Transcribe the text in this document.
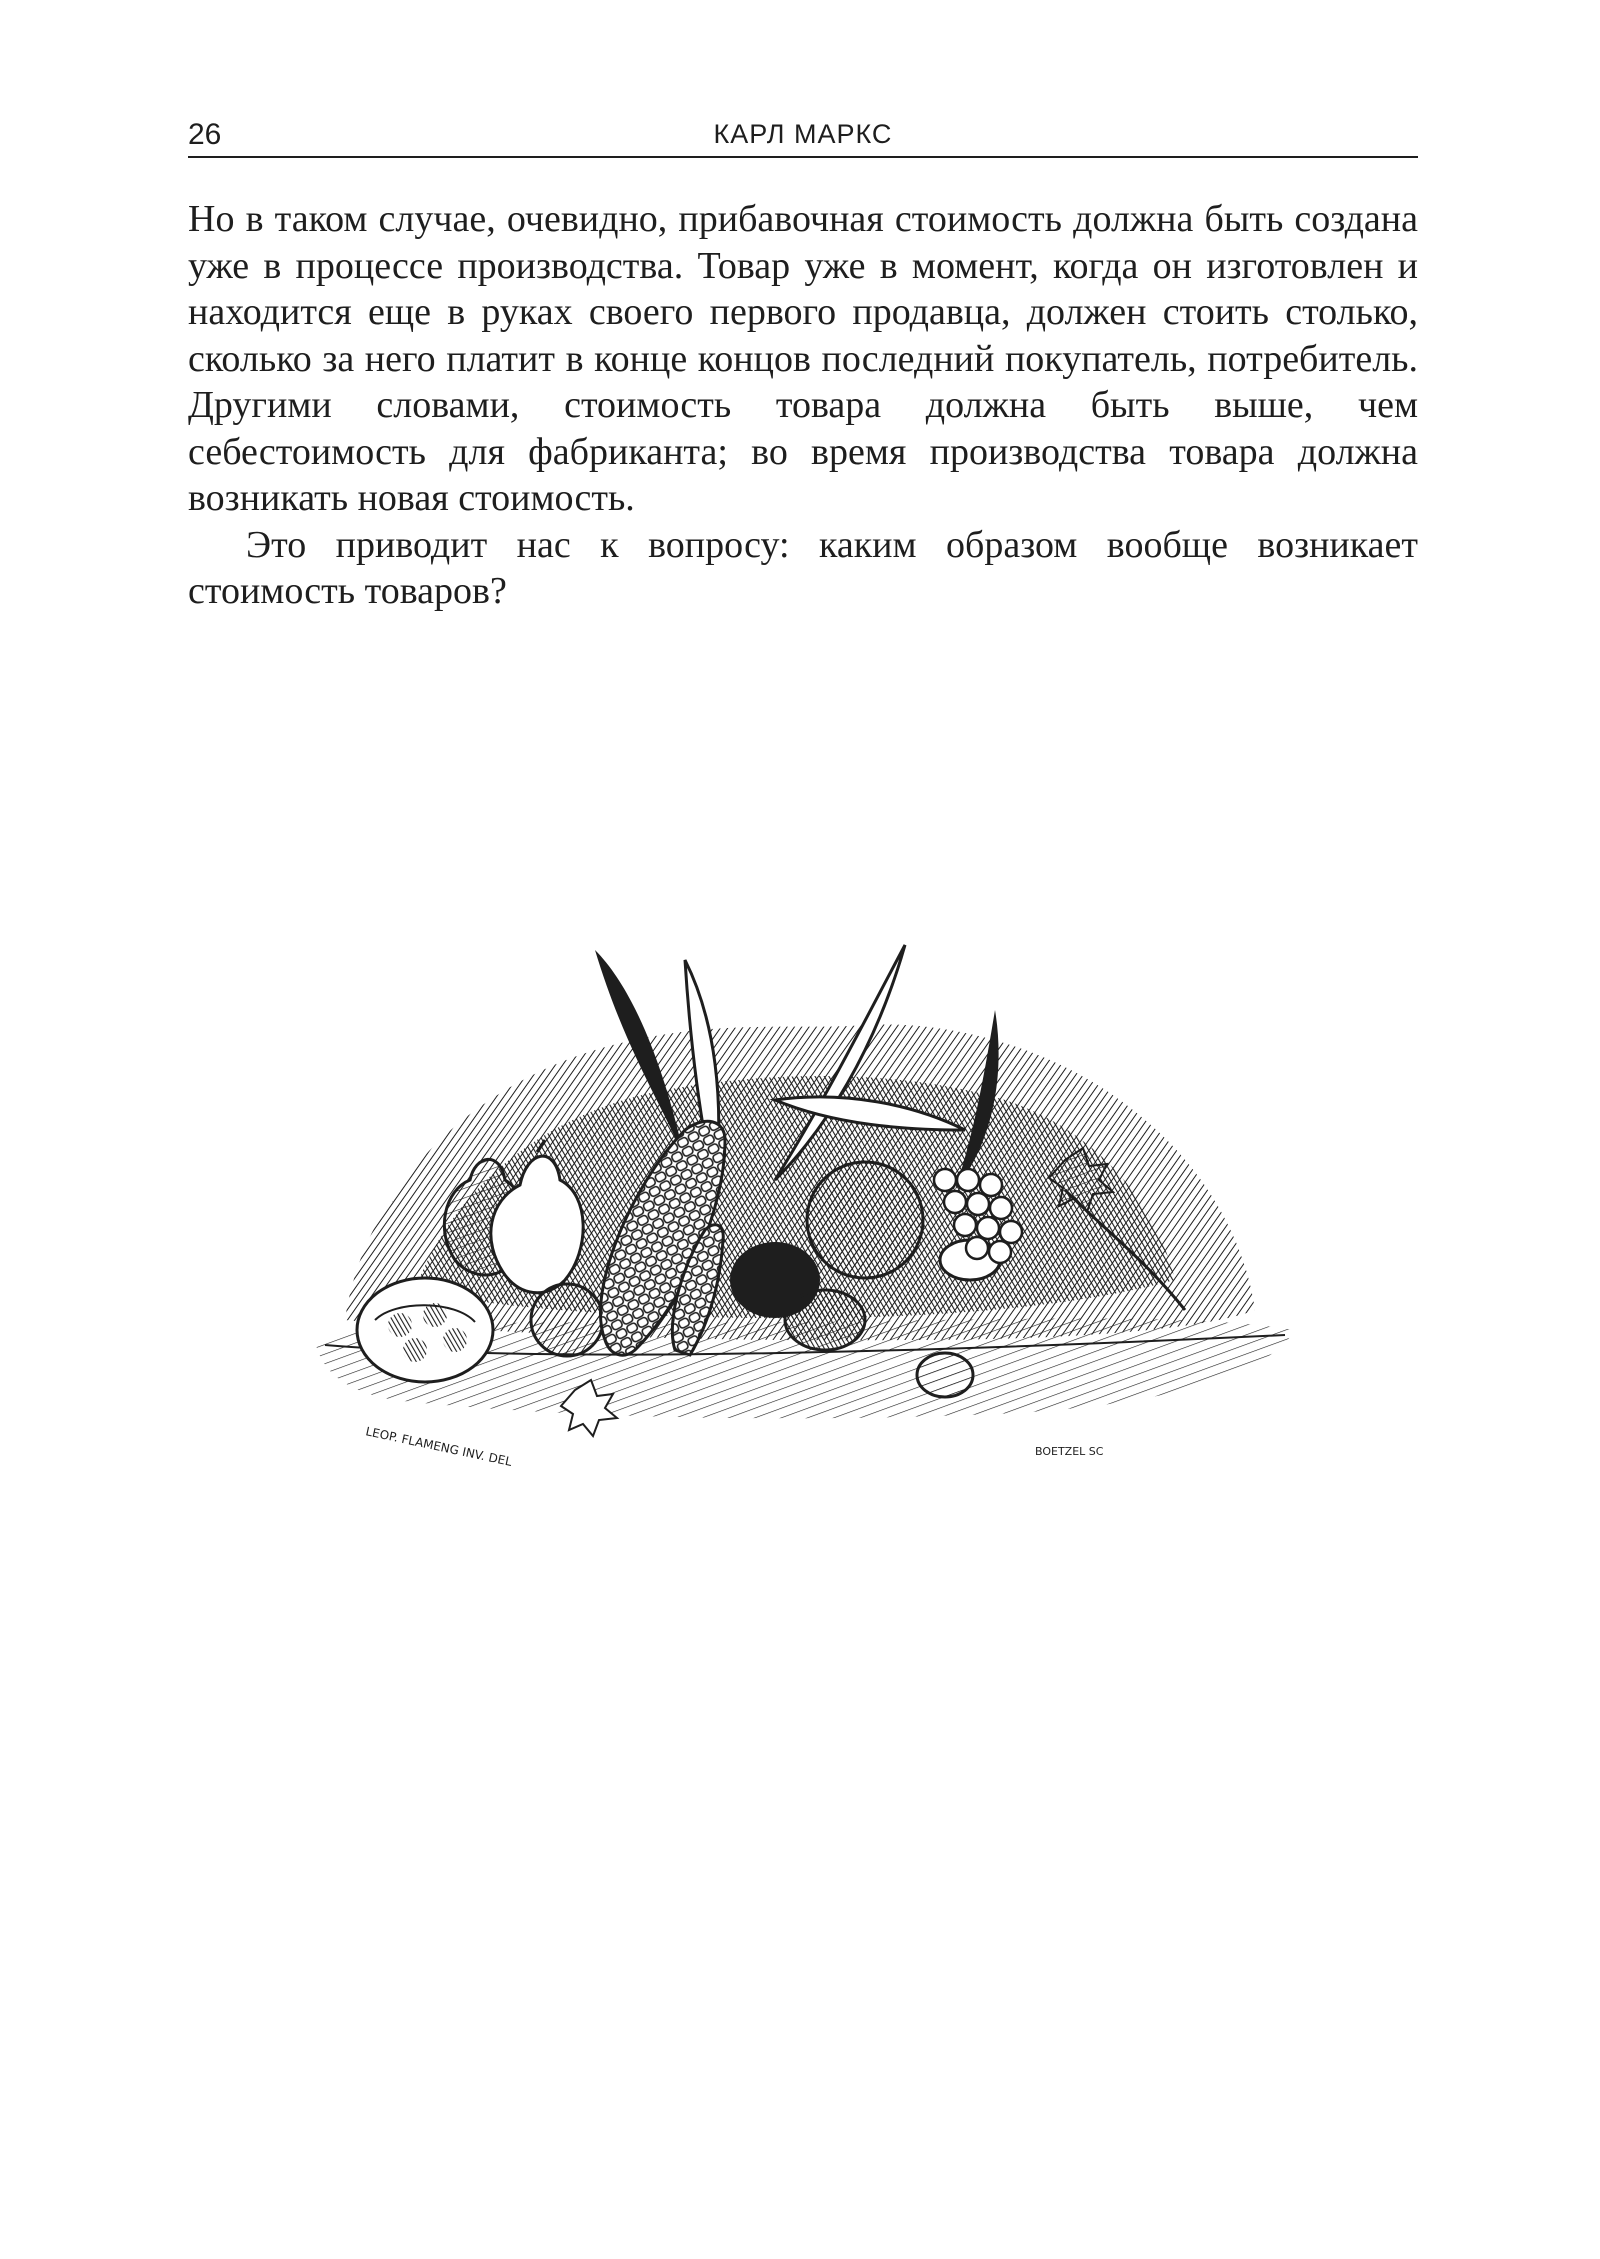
26	КАРЛ МАРКС

Но в таком случае, очевидно, прибавочная стоимость должна быть создана уже в процессе производства. Товар уже в момент, когда он изготовлен и находится еще в руках своего первого продавца, должен стоить столько, сколько за него платит в конце концов последний покупатель, потребитель. Другими словами, стоимость товара должна быть выше, чем себестоимость для фабриканта; во время производства товара должна возникать новая стоимость.

Это приводит нас к вопросу: каким образом вообще возникает стоимость товаров?

LEOP. FLAMENG INV. DEL	BOETZEL SC
